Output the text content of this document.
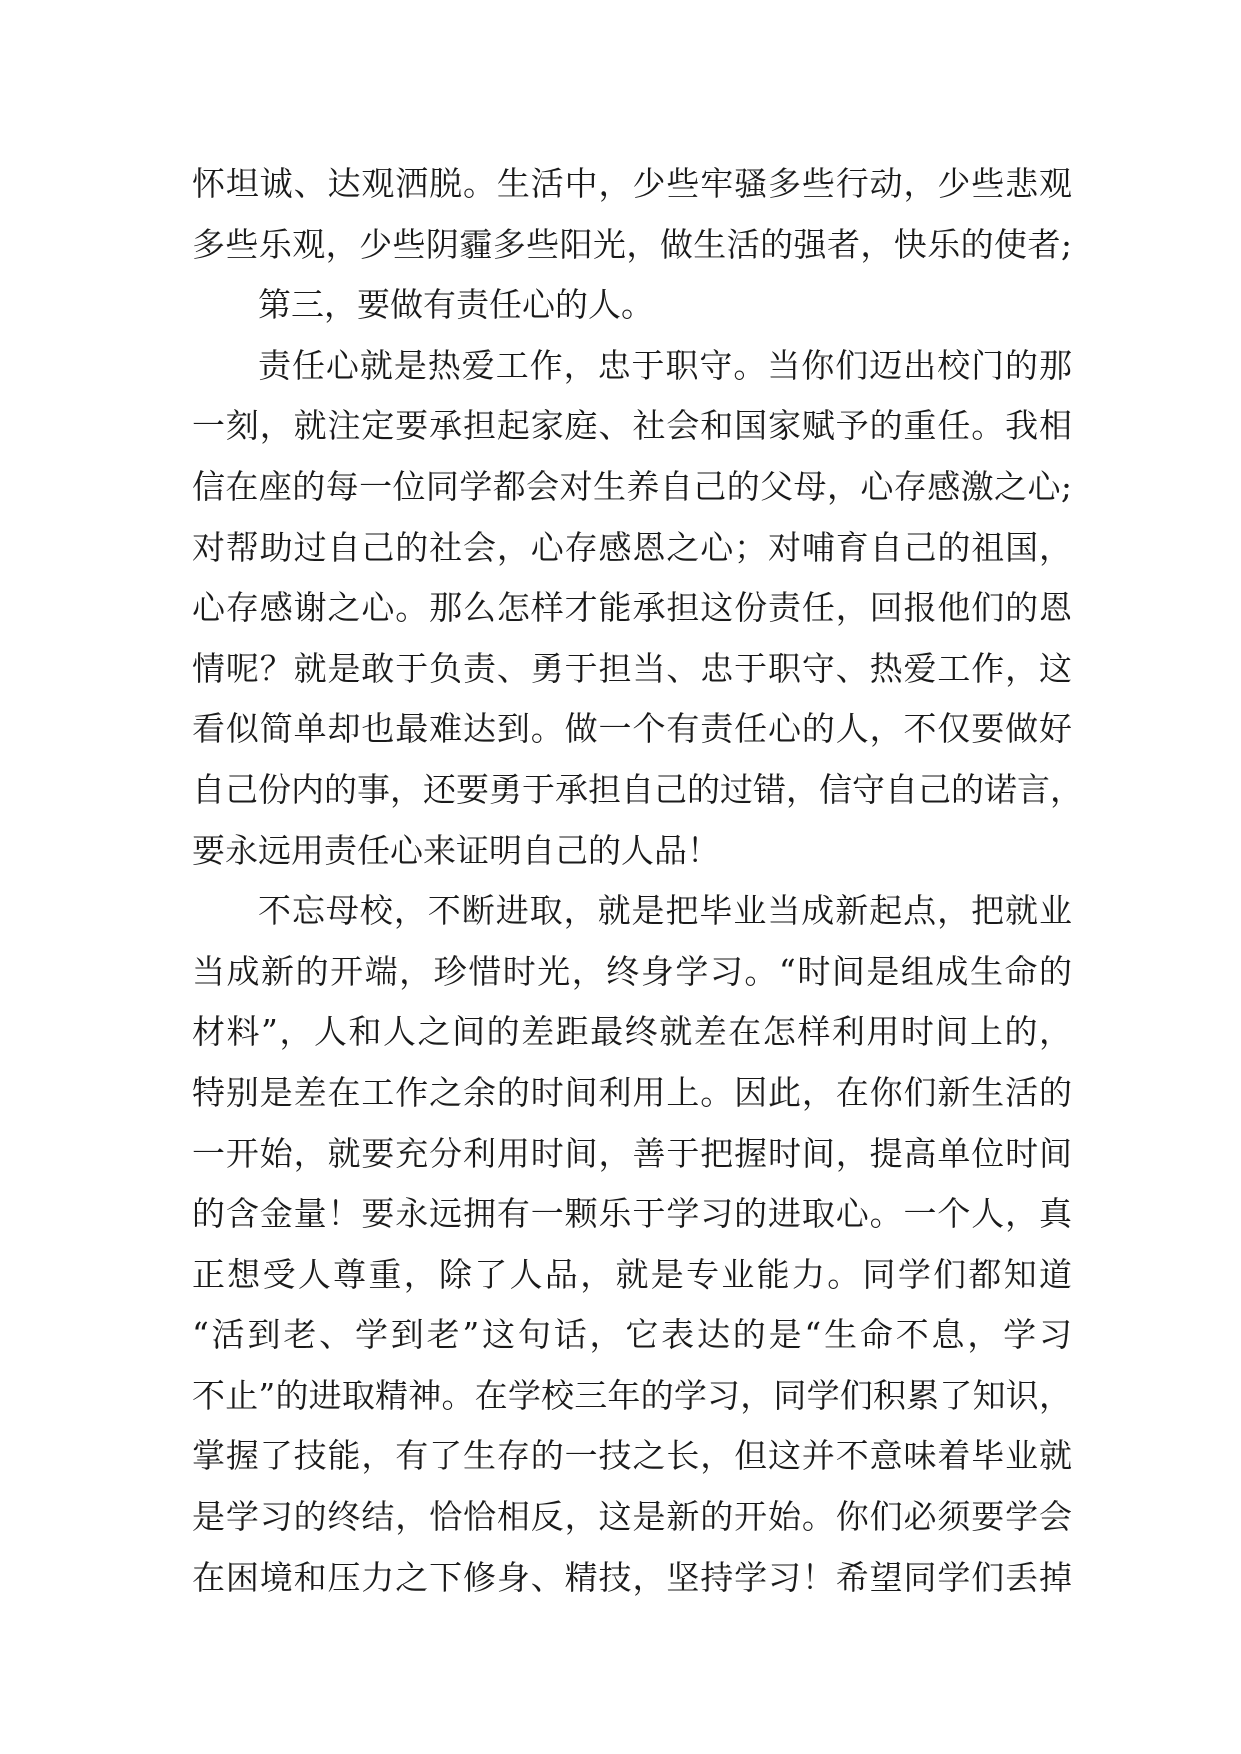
怀坦诚、达观洒脱。生活中，少些牢骚多些行动，少些悲观
多些乐观，少些阴霾多些阳光，做生活的强者，快乐的使者;
第三，要做有责任心的人。
责任心就是热爱工作，忠于职守。当你们迈出校门的那
一刻，就注定要承担起家庭、社会和国家赋予的重任。我相
信在座的每一位同学都会对生养自己的父母，心存感激之心;
对帮助过自己的社会，心存感恩之心；对哺育自己的祖国，
心存感谢之心。那么怎样才能承担这份责任，回报他们的恩
情呢？就是敢于负责、勇于担当、忠于职守、热爱工作，这
看似简单却也最难达到。做一个有责任心的人，不仅要做好
自己份内的事，还要勇于承担自己的过错，信守自己的诺言，
要永远用责任心来证明自己的人品！
不忘母校，不断进取，就是把毕业当成新起点，把就业
当成新的开端，珍惜时光，终身学习。“时间是组成生命的
材料”，人和人之间的差距最终就差在怎样利用时间上的，
特别是差在工作之余的时间利用上。因此，在你们新生活的
一开始，就要充分利用时间，善于把握时间，提高单位时间
的含金量！要永远拥有一颗乐于学习的进取心。一个人，真
正想受人尊重，除了人品，就是专业能力。同学们都知道
“活到老、学到老”这句话，它表达的是“生命不息，学习
不止”的进取精神。在学校三年的学习，同学们积累了知识，
掌握了技能，有了生存的一技之长，但这并不意味着毕业就
是学习的终结，恰恰相反，这是新的开始。你们必须要学会
在困境和压力之下修身、精技，坚持学习！希望同学们丢掉
